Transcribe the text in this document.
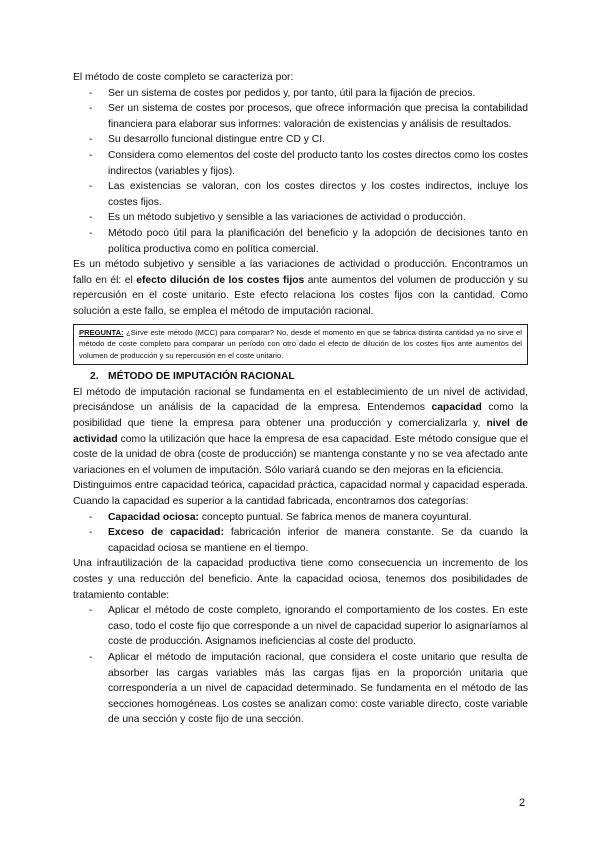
El método de coste completo se caracteriza por:

- Ser un sistema de costes por pedidos y, por tanto, útil para la fijación de precios.
- Ser un sistema de costes por procesos, que ofrece información que precisa la contabilidad financiera para elaborar sus informes: valoración de existencias y análisis de resultados.
- Su desarrollo funcional distingue entre CD y CI.
- Considera como elementos del coste del producto tanto los costes directos como los costes indirectos (variables y fijos).
- Las existencias se valoran, con los costes directos y los costes indirectos, incluye los costes fijos.
- Es un método subjetivo y sensible a las variaciones de actividad o producción.
- Método poco útil para la planificación del beneficio y la adopción de decisiones tanto en política productiva como en política comercial.

Es un método subjetivo y sensible a las variaciones de actividad o producción. Encontramos un fallo en él: el efecto dilución de los costes fijos ante aumentos del volumen de producción y su repercusión en el coste unitario. Este efecto relaciona los costes fijos con la cantidad. Como solución a este fallo, se emplea el método de imputación racional.

PREGUNTA: ¿Sirve este método (MCC) para comparar? No, desde el momento en que se fabrica distinta cantidad ya no sirve el método de coste completo para comparar un período con otro dado el efecto de dilución de los costes fijos ante aumentos del volumen de producción y su repercusión en el coste unitario.
2. MÉTODO DE IMPUTACIÓN RACIONAL

El método de imputación racional se fundamenta en el establecimiento de un nivel de actividad, precisándose un análisis de la capacidad de la empresa. Entendemos capacidad como la posibilidad que tiene la empresa para obtener una producción y comercializarla y, nivel de actividad como la utilización que hace la empresa de esa capacidad. Este método consigue que el coste de la unidad de obra (coste de producción) se mantenga constante y no se vea afectado ante variaciones en el volumen de imputación. Sólo variará cuando se den mejoras en la eficiencia.

Distinguimos entre capacidad teórica, capacidad práctica, capacidad normal y capacidad esperada. Cuando la capacidad es superior a la cantidad fabricada, encontramos dos categorías:

- Capacidad ociosa: concepto puntual. Se fabrica menos de manera coyuntural.
- Exceso de capacidad: fabricación inferior de manera constante. Se da cuando la capacidad ociosa se mantiene en el tiempo.

Una infrautilización de la capacidad productiva tiene como consecuencia un incremento de los costes y una reducción del beneficio. Ante la capacidad ociosa, tenemos dos posibilidades de tratamiento contable:

- Aplicar el método de coste completo, ignorando el comportamiento de los costes. En este caso, todo el coste fijo que corresponde a un nivel de capacidad superior lo asignaríamos al coste de producción. Asignamos ineficiencias al coste del producto.
- Aplicar el método de imputación racional, que considera el coste unitario que resulta de absorber las cargas variables más las cargas fijas en la proporción unitaria que correspondería a un nivel de capacidad determinado. Se fundamenta en el método de las secciones homogéneas. Los costes se analizan como: coste variable directo, coste variable de una sección y coste fijo de una sección.
2
